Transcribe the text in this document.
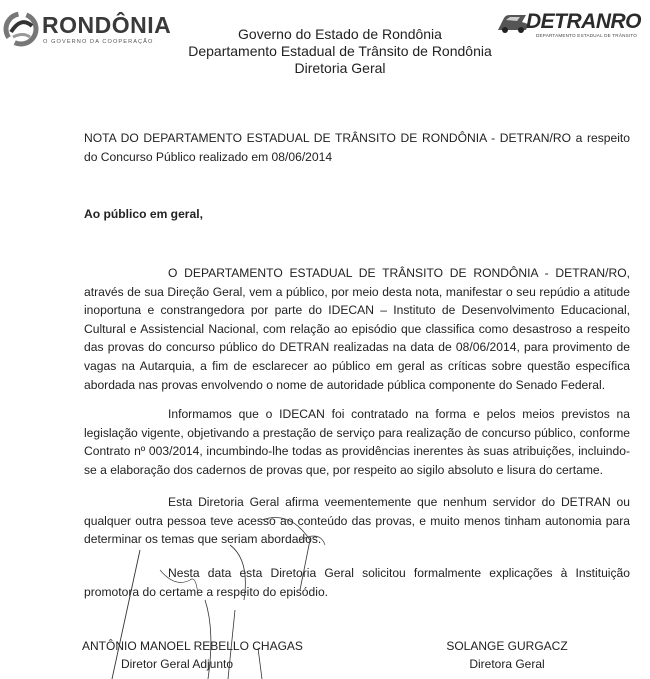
RONDÔNIA
O GOVERNO DA COOPERAÇÃO
DETRANRO
DEPARTAMENTO ESTADUAL DE TRÂNSITO
Governo do Estado de Rondônia
Departamento Estadual de Trânsito de Rondônia
Diretoria Geral
NOTA DO DEPARTAMENTO ESTADUAL DE TRÂNSITO DE RONDÔNIA - DETRAN/RO a respeito do Concurso Público realizado em 08/06/2014
Ao público em geral,
O DEPARTAMENTO ESTADUAL DE TRÂNSITO DE RONDÔNIA - DETRAN/RO, através de sua Direção Geral, vem a público, por meio desta nota, manifestar o seu repúdio a atitude inoportuna e constrangedora por parte do IDECAN – Instituto de Desenvolvimento Educacional, Cultural e Assistencial Nacional, com relação ao episódio que classifica como desastroso a respeito das provas do concurso público do DETRAN realizadas na data de 08/06/2014, para provimento de vagas na Autarquia, a fim de esclarecer ao público em geral as críticas sobre questão específica abordada nas provas envolvendo o nome de autoridade pública componente do Senado Federal.
Informamos que o IDECAN foi contratado na forma e pelos meios previstos na legislação vigente, objetivando a prestação de serviço para realização de concurso público, conforme Contrato nº 003/2014, incumbindo-lhe todas as providências inerentes às suas atribuições, incluindo-se a elaboração dos cadernos de provas que, por respeito ao sigilo absoluto e lisura do certame.
Esta Diretoria Geral afirma veementemente que nenhum servidor do DETRAN ou qualquer outra pessoa teve acesso ao conteúdo das provas, e muito menos tinham autonomia para determinar os temas que seriam abordados.
Nesta data esta Diretoria Geral solicitou formalmente explicações à Instituição promotora do certame a respeito do episódio.
ANTÔNIO MANOEL REBELLO CHAGAS
Diretor Geral Adjunto
SOLANGE GURGACZ
Diretora Geral
